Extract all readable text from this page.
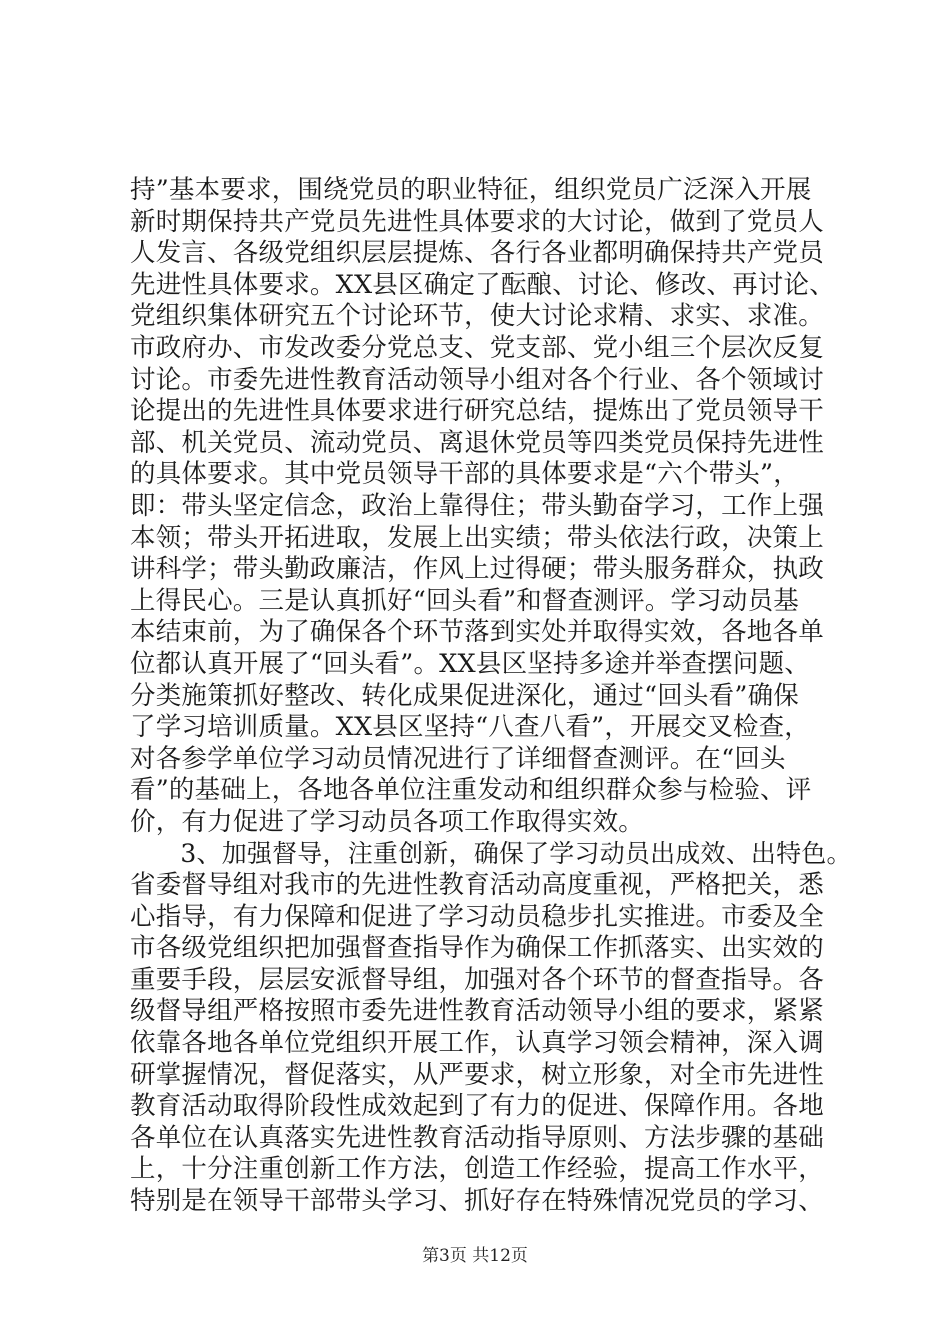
持”基本要求，围绕党员的职业特征，组织党员广泛深入开展
新时期保持共产党员先进性具体要求的大讨论，做到了党员人
人发言、各级党组织层层提炼、各行各业都明确保持共产党员
先进性具体要求。XX县区确定了酝酿、讨论、修改、再讨论、
党组织集体研究五个讨论环节，使大讨论求精、求实、求准。
市政府办、市发改委分党总支、党支部、党小组三个层次反复
讨论。市委先进性教育活动领导小组对各个行业、各个领域讨
论提出的先进性具体要求进行研究总结，提炼出了党员领导干
部、机关党员、流动党员、离退休党员等四类党员保持先进性
的具体要求。其中党员领导干部的具体要求是“六个带头”，
即：带头坚定信念，政治上靠得住；带头勤奋学习，工作上强
本领；带头开拓进取，发展上出实绩；带头依法行政，决策上
讲科学；带头勤政廉洁，作风上过得硬；带头服务群众，执政
上得民心。三是认真抓好“回头看”和督查测评。学习动员基
本结束前，为了确保各个环节落到实处并取得实效，各地各单
位都认真开展了“回头看”。XX县区坚持多途并举查摆问题、
分类施策抓好整改、转化成果促进深化，通过“回头看”确保
了学习培训质量。XX县区坚持“八查八看”，开展交叉检查，
对各参学单位学习动员情况进行了详细督查测评。在“回头
看”的基础上，各地各单位注重发动和组织群众参与检验、评
价，有力促进了学习动员各项工作取得实效。
　　3、加强督导，注重创新，确保了学习动员出成效、出特色。
省委督导组对我市的先进性教育活动高度重视，严格把关，悉
心指导，有力保障和促进了学习动员稳步扎实推进。市委及全
市各级党组织把加强督查指导作为确保工作抓落实、出实效的
重要手段，层层安派督导组，加强对各个环节的督查指导。各
级督导组严格按照市委先进性教育活动领导小组的要求，紧紧
依靠各地各单位党组织开展工作，认真学习领会精神，深入调
研掌握情况，督促落实，从严要求，树立形象，对全市先进性
教育活动取得阶段性成效起到了有力的促进、保障作用。各地
各单位在认真落实先进性教育活动指导原则、方法步骤的基础
上，十分注重创新工作方法，创造工作经验，提高工作水平，
特别是在领导干部带头学习、抓好存在特殊情况党员的学习、
第3页 共12页
